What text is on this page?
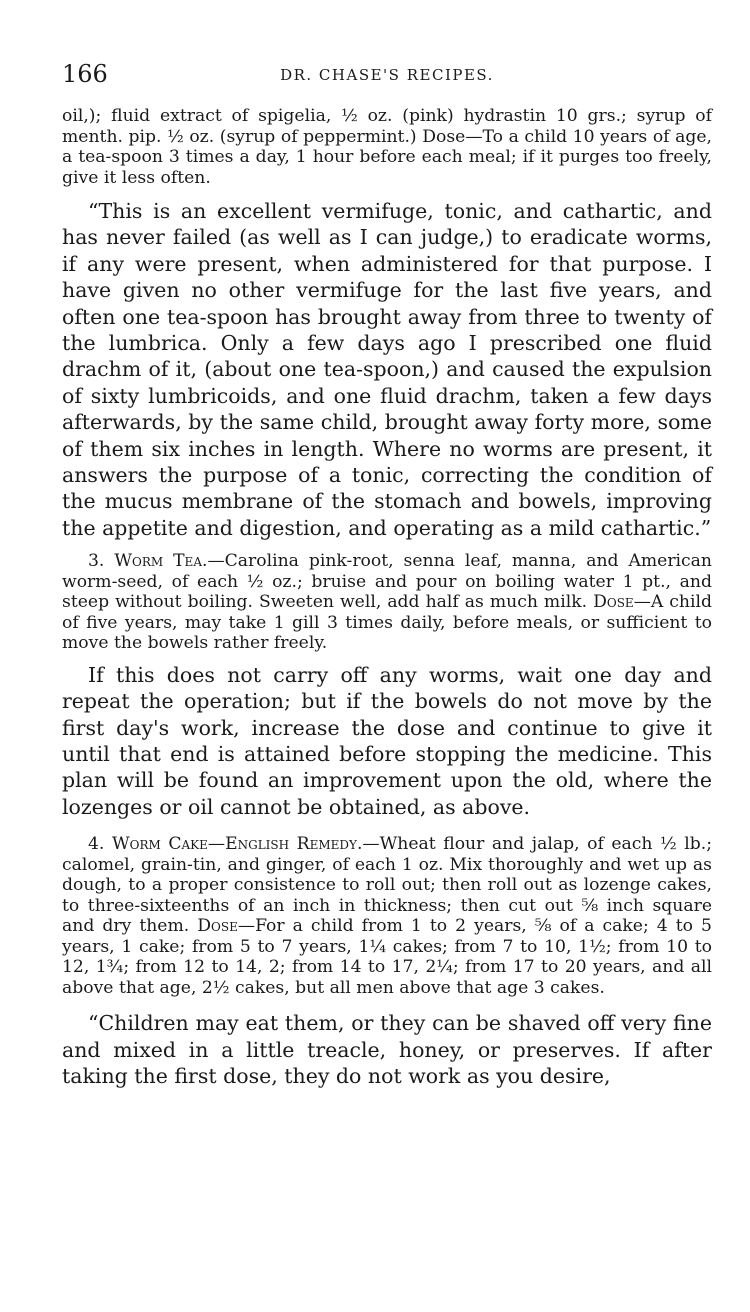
166	DR. CHASE'S RECIPES.

oil,); fluid extract of spigelia, ½ oz. (pink) hydrastin 10 grs.; syrup of menth. pip. ½ oz. (syrup of peppermint.) Dose—To a child 10 years of age, a tea-spoon 3 times a day, 1 hour before each meal; if it purges too freely, give it less often.

“This is an excellent vermifuge, tonic, and cathartic, and has never failed (as well as I can judge,) to eradicate worms, if any were present, when administered for that purpose. I have given no other vermifuge for the last five years, and often one tea-spoon has brought away from three to twenty of the lumbrica. Only a few days ago I prescribed one fluid drachm of it, (about one tea-spoon,) and caused the expulsion of sixty lumbricoids, and one fluid drachm, taken a few days afterwards, by the same child, brought away forty more, some of them six inches in length. Where no worms are present, it answers the purpose of a tonic, correcting the condition of the mucus membrane of the stomach and bowels, improving the appetite and digestion, and operating as a mild cathartic.”

3. Worm Tea.—Carolina pink-root, senna leaf, manna, and American worm-seed, of each ½ oz.; bruise and pour on boiling water 1 pt., and steep without boiling. Sweeten well, add half as much milk. Dose—A child of five years, may take 1 gill 3 times daily, before meals, or sufficient to move the bowels rather freely.

If this does not carry off any worms, wait one day and repeat the operation; but if the bowels do not move by the first day's work, increase the dose and continue to give it until that end is attained before stopping the medicine. This plan will be found an improvement upon the old, where the lozenges or oil cannot be obtained, as above.

4. Worm Cake—English Remedy.—Wheat flour and jalap, of each ½ lb.; calomel, grain-tin, and ginger, of each 1 oz. Mix thoroughly and wet up as dough, to a proper consistence to roll out; then roll out as lozenge cakes, to three-sixteenths of an inch in thickness; then cut out ⅝ inch square and dry them. Dose—For a child from 1 to 2 years, ⅝ of a cake; 4 to 5 years, 1 cake; from 5 to 7 years, 1¼ cakes; from 7 to 10, 1½; from 10 to 12, 1¾; from 12 to 14, 2; from 14 to 17, 2¼; from 17 to 20 years, and all above that age, 2½ cakes, but all men above that age 3 cakes.

“Children may eat them, or they can be shaved off very fine and mixed in a little treacle, honey, or preserves. If after taking the first dose, they do not work as you desire,
